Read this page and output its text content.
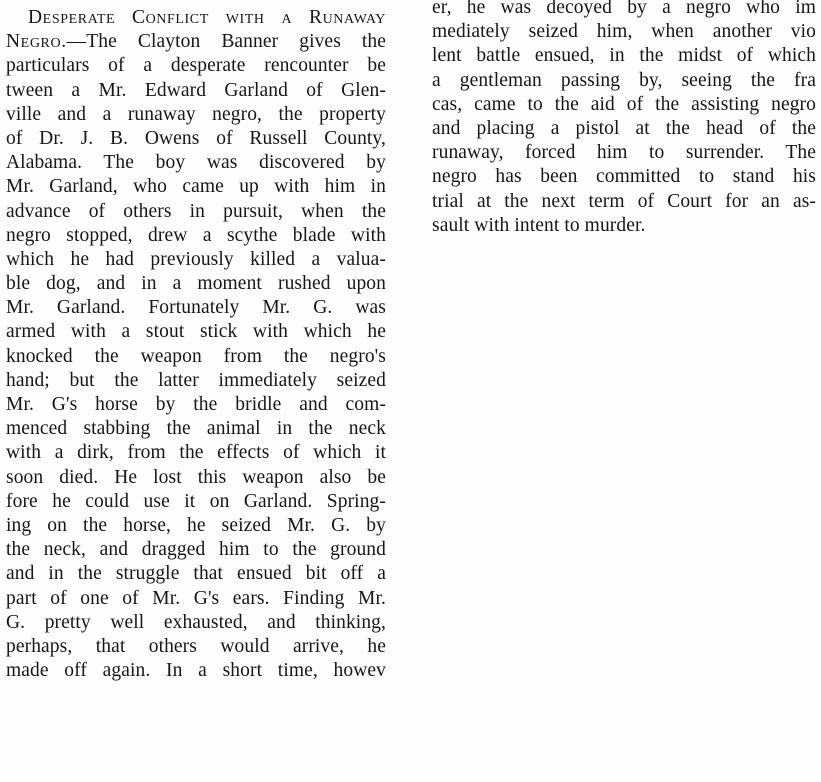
Desperate Conflict with a Runaway
Negro.—The Clayton Banner gives the
particulars of a desperate rencounter be
tween a Mr. Edward Garland of Glen-
ville and a runaway negro, the property
of Dr. J. B. Owens of Russell County,
Alabama. The boy was discovered by
Mr. Garland, who came up with him in
advance of others in pursuit, when the
negro stopped, drew a scythe blade with
which he had previously killed a valua-
ble dog, and in a moment rushed upon
Mr. Garland. Fortunately Mr. G. was
armed with a stout stick with which he
knocked the weapon from the negro's
hand; but the latter immediately seized
Mr. G's horse by the bridle and com-
menced stabbing the animal in the neck
with a dirk, from the effects of which it
soon died. He lost this weapon also be
fore he could use it on Garland. Spring-
ing on the horse, he seized Mr. G. by
the neck, and dragged him to the ground
and in the struggle that ensued bit off a
part of one of Mr. G's ears. Finding Mr.
G. pretty well exhausted, and thinking,
perhaps, that others would arrive, he
made off again. In a short time, howev
er, he was decoyed by a negro who im
mediately seized him, when another vio
lent battle ensued, in the midst of which
a gentleman passing by, seeing the fra
cas, came to the aid of the assisting negro
and placing a pistol at the head of the
runaway, forced him to surrender. The
negro has been committed to stand his
trial at the next term of Court for an as-
sault with intent to murder.
